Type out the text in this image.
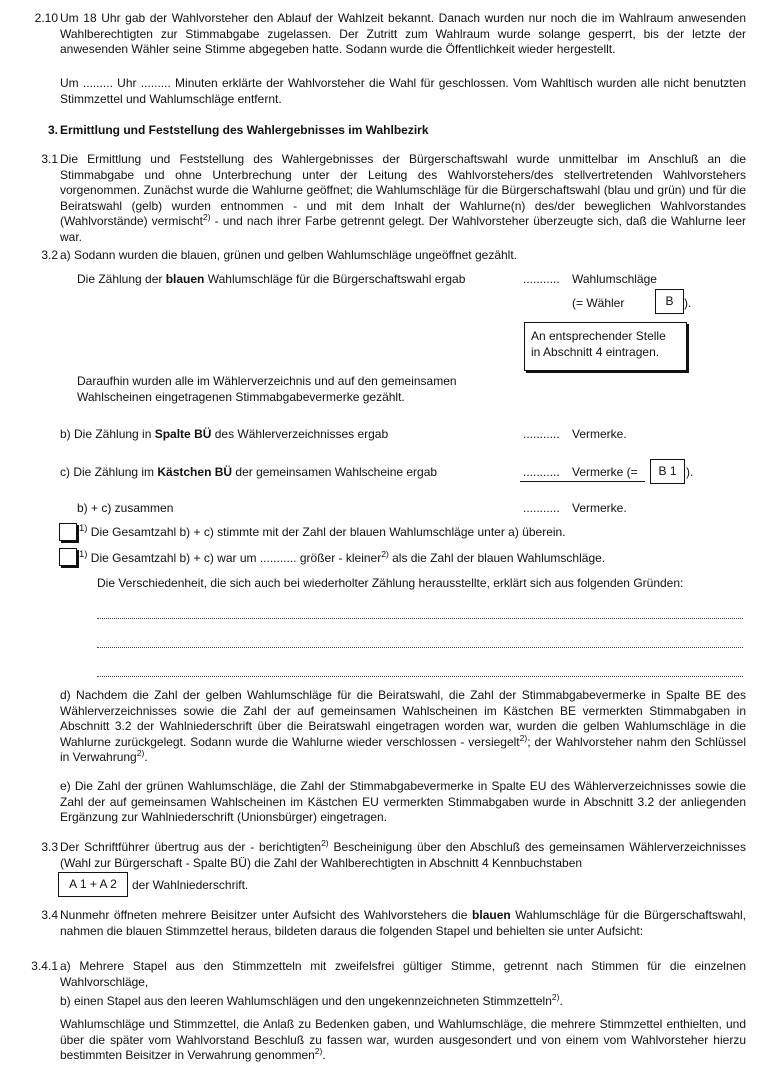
2.10 Um 18 Uhr gab der Wahlvorsteher den Ablauf der Wahlzeit bekannt. Danach wurden nur noch die im Wahlraum anwesenden Wahlberechtigten zur Stimmabgabe zugelassen. Der Zutritt zum Wahlraum wurde solange gesperrt, bis der letzte der anwesenden Wähler seine Stimme abgegeben hatte. Sodann wurde die Öffentlichkeit wieder hergestellt.
Um ......... Uhr ......... Minuten erklärte der Wahlvorsteher die Wahl für geschlossen. Vom Wahltisch wurden alle nicht benutzten Stimmzettel und Wahlumschläge entfernt.
3. Ermittlung und Feststellung des Wahlergebnisses im Wahlbezirk
3.1 Die Ermittlung und Feststellung des Wahlergebnisses der Bürgerschaftswahl wurde unmittelbar im Anschluß an die Stimmabgabe und ohne Unterbrechung unter der Leitung des Wahlvorstehers/des stellvertretenden Wahlvorstehers vorgenommen. Zunächst wurde die Wahlurne geöffnet; die Wahlumschläge für die Bürgerschaftswahl (blau und grün) und für die Beiratswahl (gelb) wurden entnommen - und mit dem Inhalt der Wahlurne(n) des/der beweglichen Wahlvorstandes (Wahlvorstände) vermischt$^{2)}$ - und nach ihrer Farbe getrennt gelegt. Der Wahlvorsteher überzeugte sich, daß die Wahlurne leer war.
3.2 a) Sodann wurden die blauen, grünen und gelben Wahlumschläge ungeöffnet gezählt.
Die Zählung der blauen Wahlumschläge für die Bürgerschaftswahl ergab	........... Wahlumschläge
(= Wähler	B ).
An entsprechender Stelle
in Abschnitt 4 eintragen.
Daraufhin wurden alle im Wählerverzeichnis und auf den gemeinsamen Wahlscheinen eingetragenen Stimmabgabevermerke gezählt.
b) Die Zählung in Spalte BÜ des Wählerverzeichnisses ergab	........... Vermerke.
c) Die Zählung im Kästchen BÜ der gemeinsamen Wahlscheine ergab	........... Vermerke (=	B 1 ).
b) + c) zusammen	........... Vermerke.
$^{1)}$ Die Gesamtzahl b) + c) stimmte mit der Zahl der blauen Wahlumschläge unter a) überein.
$^{1)}$ Die Gesamtzahl b) + c) war um ........... größer - kleiner$^{2)}$ als die Zahl der blauen Wahlumschläge.
Die Verschiedenheit, die sich auch bei wiederholter Zählung herausstellte, erklärt sich aus folgenden Gründen:
d) Nachdem die Zahl der gelben Wahlumschläge für die Beiratswahl, die Zahl der Stimmabgabevermerke in Spalte BE des Wählerverzeichnisses sowie die Zahl der auf gemeinsamen Wahlscheinen im Kästchen BE vermerkten Stimmabgaben in Abschnitt 3.2 der Wahlniederschrift über die Beiratswahl eingetragen worden war, wurden die gelben Wahlumschläge in die Wahlurne zurückgelegt. Sodann wurde die Wahlurne wieder verschlossen - versiegelt$^{2)}$; der Wahlvorsteher nahm den Schlüssel in Verwahrung$^{2)}$.
e) Die Zahl der grünen Wahlumschläge, die Zahl der Stimmabgabevermerke in Spalte EU des Wählerverzeichnisses sowie die Zahl der auf gemeinsamen Wahlscheinen im Kästchen EU vermerkten Stimmabgaben wurde in Abschnitt 3.2 der anliegenden Ergänzung zur Wahlniederschrift (Unionsbürger) eingetragen.
3.3 Der Schriftführer übertrug aus der - berichtigten$^{2)}$ Bescheinigung über den Abschluß des gemeinsamen Wählerverzeichnisses (Wahl zur Bürgerschaft - Spalte BÜ) die Zahl der Wahlberechtigten in Abschnitt 4 Kennbuchstaben
A 1 + A 2	der Wahlniederschrift.
3.4 Nunmehr öffneten mehrere Beisitzer unter Aufsicht des Wahlvorstehers die blauen Wahlumschläge für die Bürgerschaftswahl, nahmen die blauen Stimmzettel heraus, bildeten daraus die folgenden Stapel und behielten sie unter Aufsicht:
3.4.1 a) Mehrere Stapel aus den Stimmzetteln mit zweifelsfrei gültiger Stimme, getrennt nach Stimmen für die einzelnen Wahlvorschläge,
b) einen Stapel aus den leeren Wahlumschlägen und den ungekennzeichneten Stimmzetteln$^{2)}$.
Wahlumschläge und Stimmzettel, die Anlaß zu Bedenken gaben, und Wahlumschläge, die mehrere Stimmzettel enthielten, und über die später vom Wahlvorstand Beschluß zu fassen war, wurden ausgesondert und von einem vom Wahlvorsteher hierzu bestimmten Beisitzer in Verwahrung genommen$^{2)}$.
